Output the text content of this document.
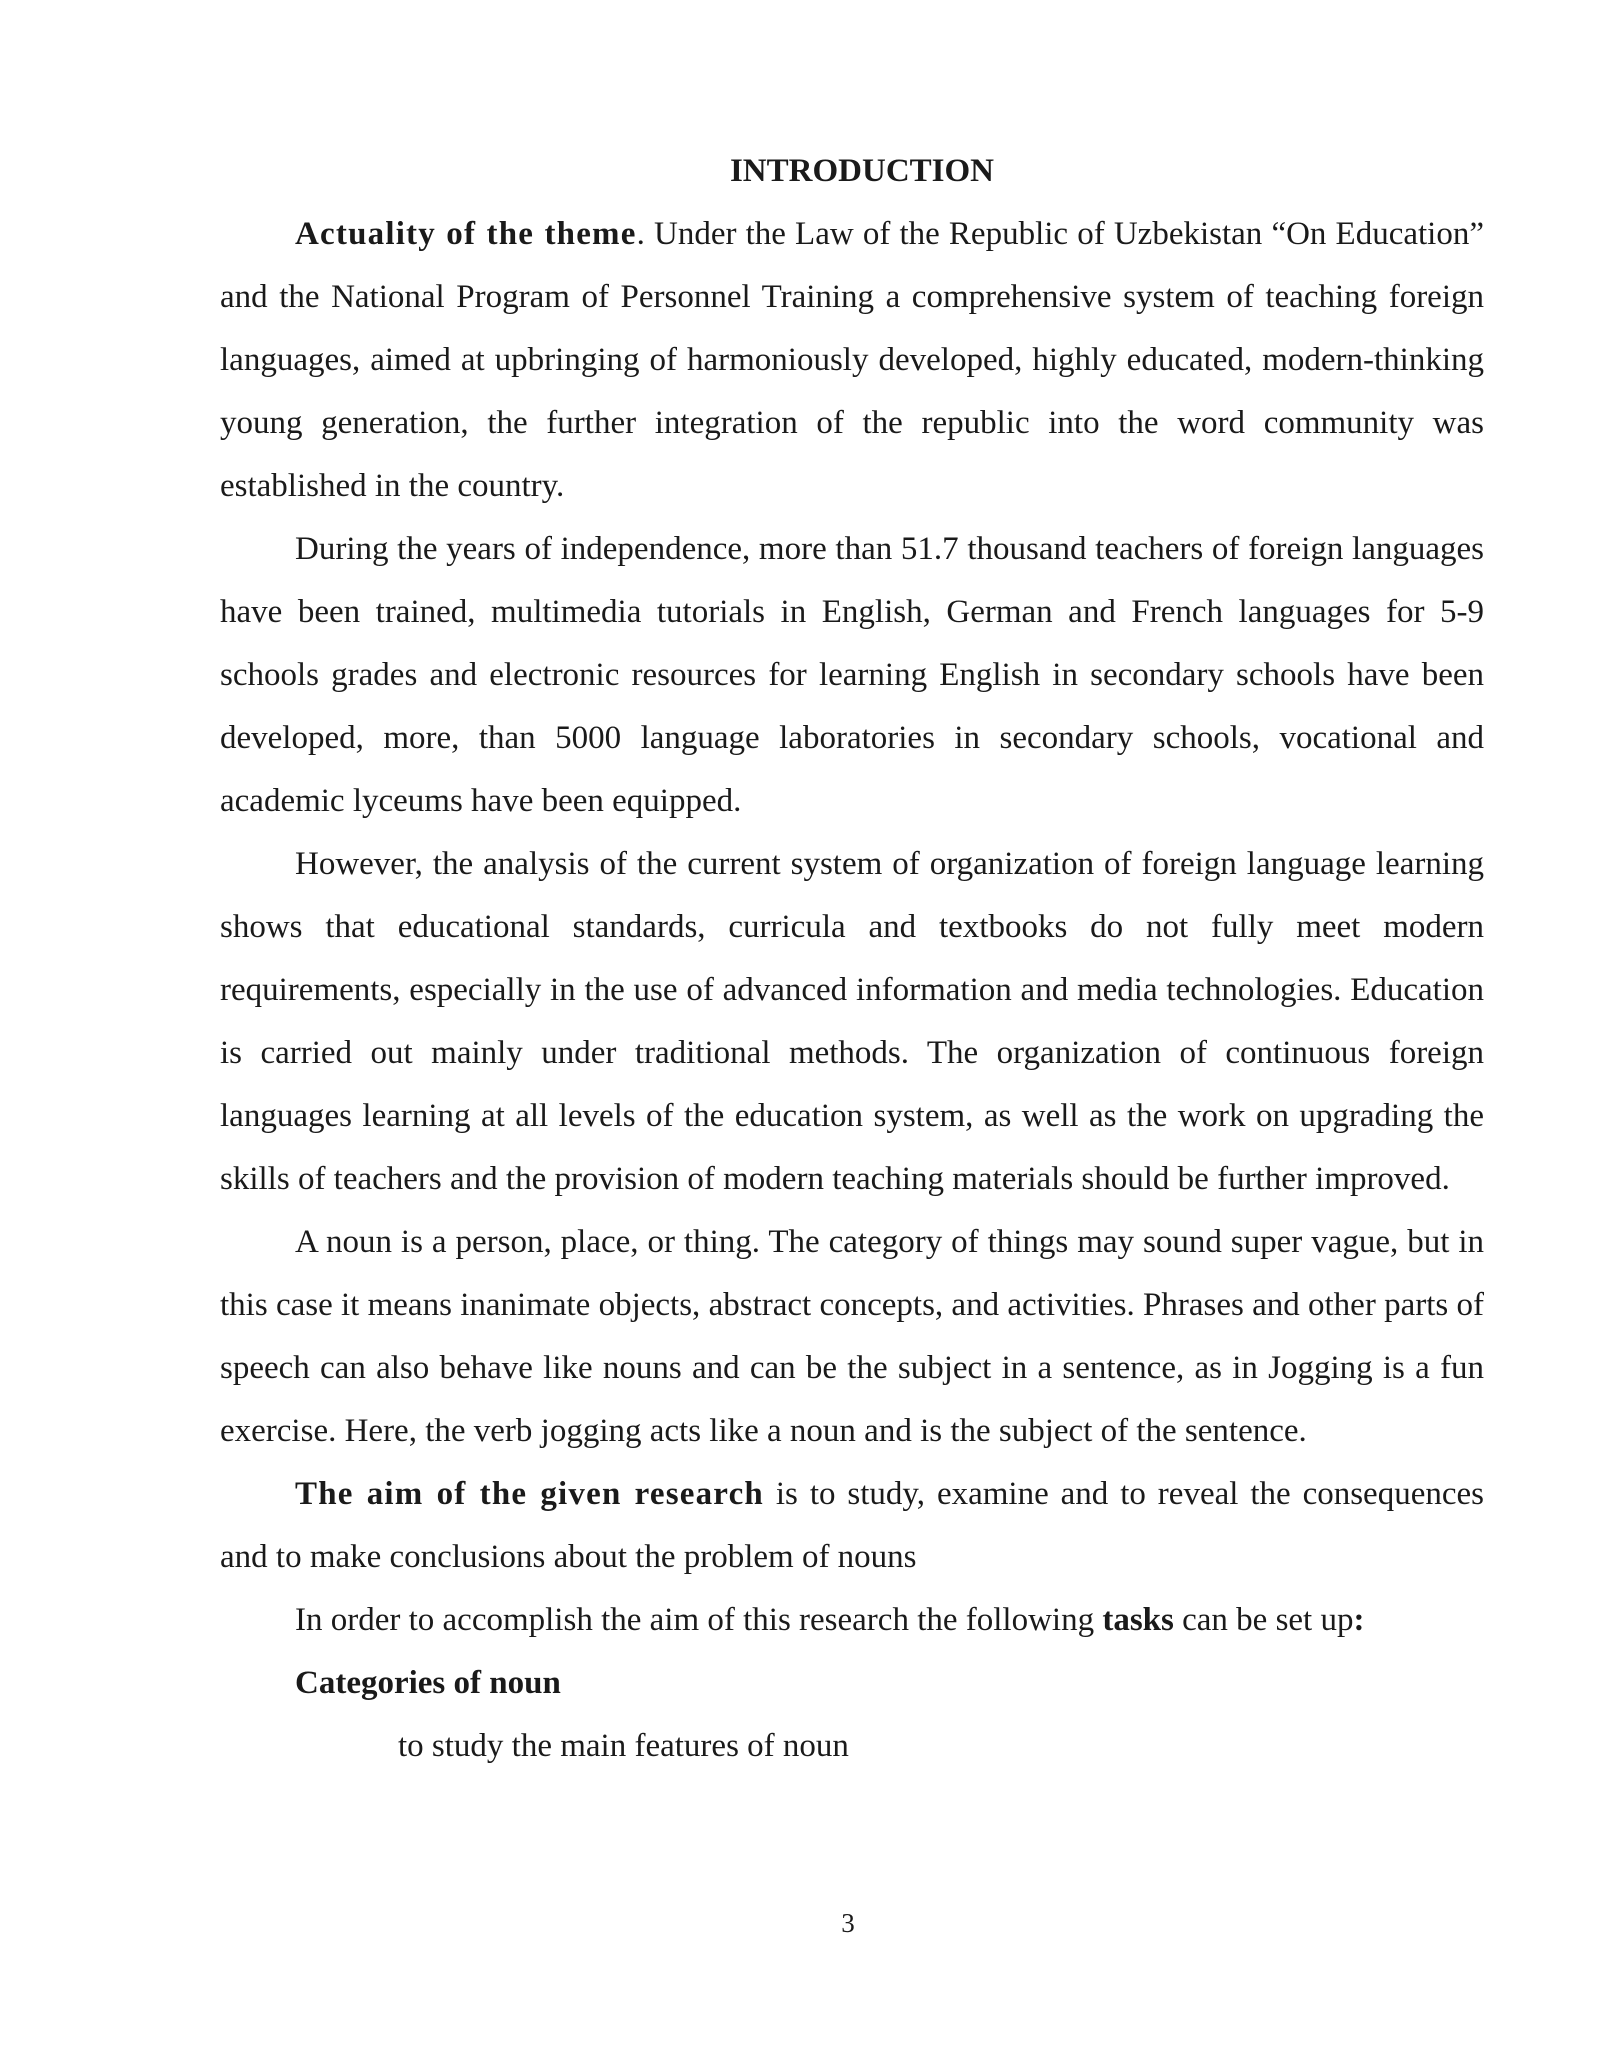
INTRODUCTION

Actuality of the theme. Under the Law of the Republic of Uzbekistan “On Education” and the National Program of Personnel Training a comprehensive system of teaching foreign languages, aimed at upbringing of harmoniously developed, highly educated, modern-thinking young generation, the further integration of the republic into the word community was established in the country.

During the years of independence, more than 51.7 thousand teachers of foreign languages have been trained, multimedia tutorials in English, German and French languages for 5-9 schools grades and electronic resources for learning English in secondary schools have been developed, more, than 5000 language laboratories in secondary schools, vocational and academic lyceums have been equipped.

However, the analysis of the current system of organization of foreign language learning shows that educational standards, curricula and textbooks do not fully meet modern requirements, especially in the use of advanced information and media technologies. Education is carried out mainly under traditional methods. The organization of continuous foreign languages learning at all levels of the education system, as well as the work on upgrading the skills of teachers and the provision of modern teaching materials should be further improved.

A noun is a person, place, or thing. The category of things may sound super vague, but in this case it means inanimate objects, abstract concepts, and activities. Phrases and other parts of speech can also behave like nouns and can be the subject in a sentence, as in Jogging is a fun exercise. Here, the verb jogging acts like a noun and is the subject of the sentence.

The aim of the given research is to study, examine and to reveal the consequences and to make conclusions about the problem of nouns

In order to accomplish the aim of this research the following tasks can be set up:

Categories of noun

to study the main features of noun

3
